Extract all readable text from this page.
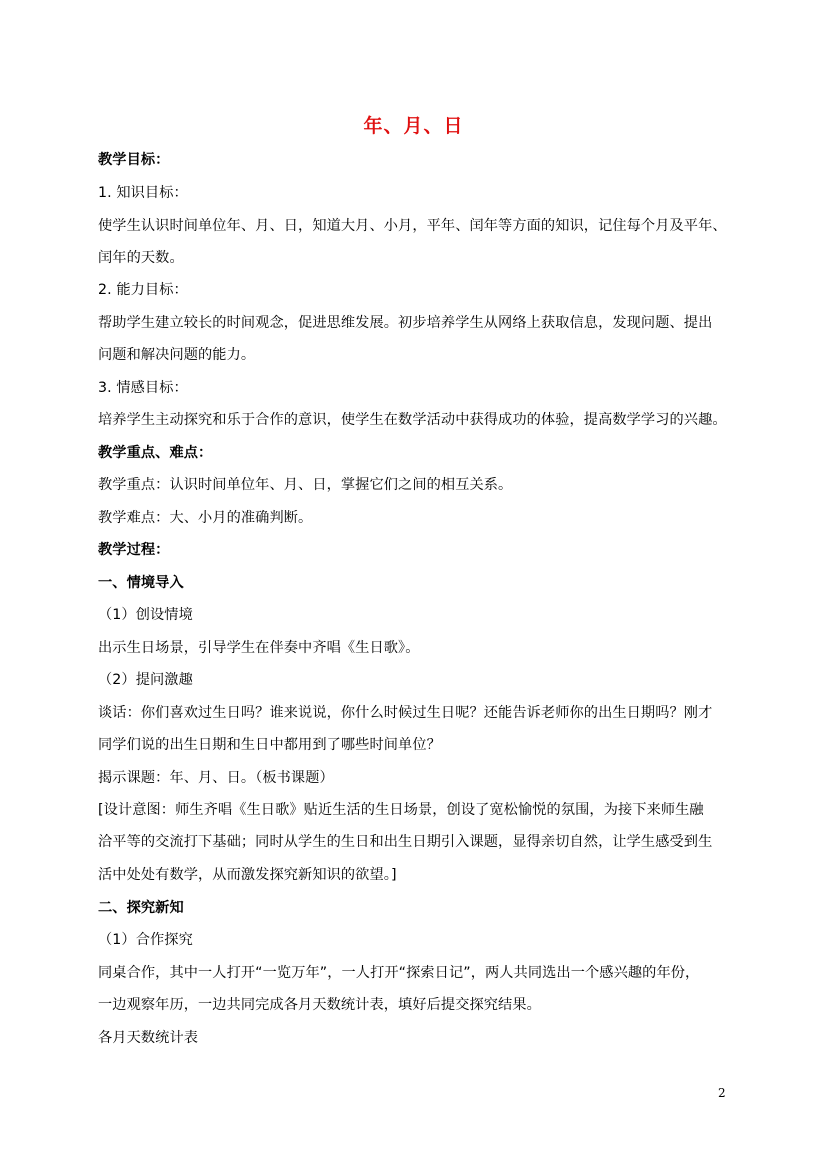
年、月、日
教学目标：
1. 知识目标：
使学生认识时间单位年、月、日，知道大月、小月，平年、闰年等方面的知识，记住每个月及平年、
闰年的天数。
2. 能力目标：
帮助学生建立较长的时间观念，促进思维发展。初步培养学生从网络上获取信息，发现问题、提出
问题和解决问题的能力。
3. 情感目标：
培养学生主动探究和乐于合作的意识，使学生在数学活动中获得成功的体验，提高数学学习的兴趣。
教学重点、难点：
教学重点：认识时间单位年、月、日，掌握它们之间的相互关系。
教学难点：大、小月的准确判断。
教学过程：
一、情境导入
（1）创设情境
出示生日场景，引导学生在伴奏中齐唱《生日歌》。
（2）提问激趣
谈话：你们喜欢过生日吗？谁来说说，你什么时候过生日呢？还能告诉老师你的出生日期吗？刚才
同学们说的出生日期和生日中都用到了哪些时间单位？
揭示课题：年、月、日。（板书课题）
[设计意图：师生齐唱《生日歌》贴近生活的生日场景，创设了宽松愉悦的氛围，为接下来师生融
洽平等的交流打下基础；同时从学生的生日和出生日期引入课题，显得亲切自然，让学生感受到生
活中处处有数学，从而激发探究新知识的欲望。]
二、探究新知
（1）合作探究
同桌合作，其中一人打开“一览万年”，一人打开“探索日记”，两人共同选出一个感兴趣的年份，
一边观察年历，一边共同完成各月天数统计表，填好后提交探究结果。
各月天数统计表
2
